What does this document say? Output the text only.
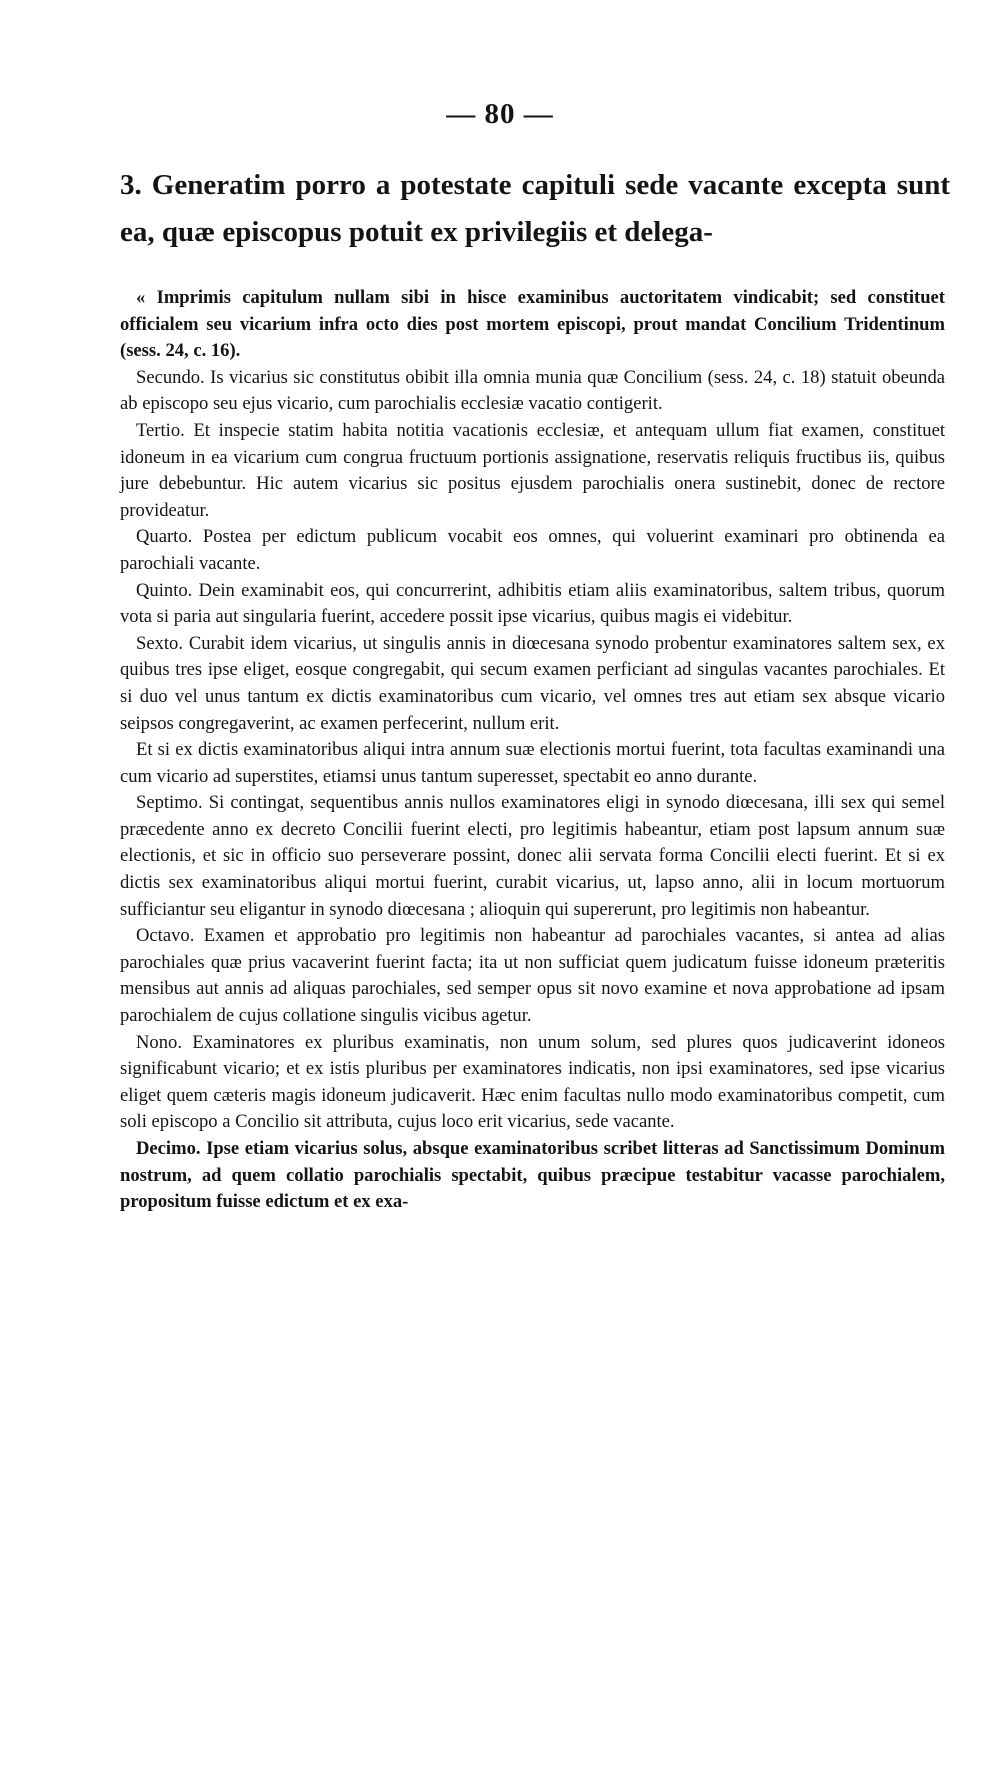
— 80 —
3. Generatim porro a potestate capituli sede vacante excepta sunt ea, quæ episcopus potuit ex privilegiis et delega-

« Imprimis capitulum nullam sibi in hisce examinibus auctoritatem vindicabit; sed constituet officialem seu vicarium infra octo dies post mortem episcopi, prout mandat Concilium Tridentinum (sess. 24, c. 16).

Secundo. Is vicarius sic constitutus obibit illa omnia munia quæ Concilium (sess. 24, c. 18) statuit obeunda ab episcopo seu ejus vicario, cum parochialis ecclesiæ vacatio contigerit.

Tertio. Et inspecie statim habita notitia vacationis ecclesiæ, et antequam ullum fiat examen, constituet idoneum in ea vicarium cum congrua fructuum portionis assignatione, reservatis reliquis fructibus iis, quibus jure debebuntur. Hic autem vicarius sic positus ejusdem parochialis onera sustinebit, donec de rectore provideatur.

Quarto. Postea per edictum publicum vocabit eos omnes, qui voluerint examinari pro obtinenda ea parochiali vacante.

Quinto. Dein examinabit eos, qui concurrerint, adhibitis etiam aliis examinatoribus, saltem tribus, quorum vota si paria aut singularia fuerint, accedere possit ipse vicarius, quibus magis ei videbitur.

Sexto. Curabit idem vicarius, ut singulis annis in diœcesana synodo probentur examinatores saltem sex, ex quibus tres ipse eliget, eosque congregabit, qui secum examen perficiant ad singulas vacantes parochiales. Et si duo vel unus tantum ex dictis examinatoribus cum vicario, vel omnes tres aut etiam sex absque vicario seipsos congregaverint, ac examen perfecerint, nullum erit.

Et si ex dictis examinatoribus aliqui intra annum suæ electionis mortui fuerint, tota facultas examinandi una cum vicario ad superstites, etiamsi unus tantum superesset, spectabit eo anno durante.

Septimo. Si contingat, sequentibus annis nullos examinatores eligi in synodo diœcesana, illi sex qui semel præcedente anno ex decreto Concilii fuerint electi, pro legitimis habeantur, etiam post lapsum annum suæ electionis, et sic in officio suo perseverare possint, donec alii servata forma Concilii electi fuerint. Et si ex dictis sex examinatoribus aliqui mortui fuerint, curabit vicarius, ut, lapso anno, alii in locum mortuorum sufficiantur seu eligantur in synodo diœcesana ; alioquin qui supererunt, pro legitimis non habeantur.

Octavo. Examen et approbatio pro legitimis non habeantur ad parochiales vacantes, si antea ad alias parochiales quæ prius vacaverint fuerint facta; ita ut non sufficiat quem judicatum fuisse idoneum præteritis mensibus aut annis ad aliquas parochiales, sed semper opus sit novo examine et nova approbatione ad ipsam parochialem de cujus collatione singulis vicibus agetur.

Nono. Examinatores ex pluribus examinatis, non unum solum, sed plures quos judicaverint idoneos significabunt vicario; et ex istis pluribus per examinatores indicatis, non ipsi examinatores, sed ipse vicarius eliget quem cæteris magis idoneum judicaverit. Hæc enim facultas nullo modo examinatoribus competit, cum soli episcopo a Concilio sit attributa, cujus loco erit vicarius, sede vacante.

Decimo. Ipse etiam vicarius solus, absque examinatoribus scribet litteras ad Sanctissimum Dominum nostrum, ad quem collatio parochialis spectabit, quibus præcipue testabitur vacasse parochialem, propositum fuisse edictum et ex exa-
